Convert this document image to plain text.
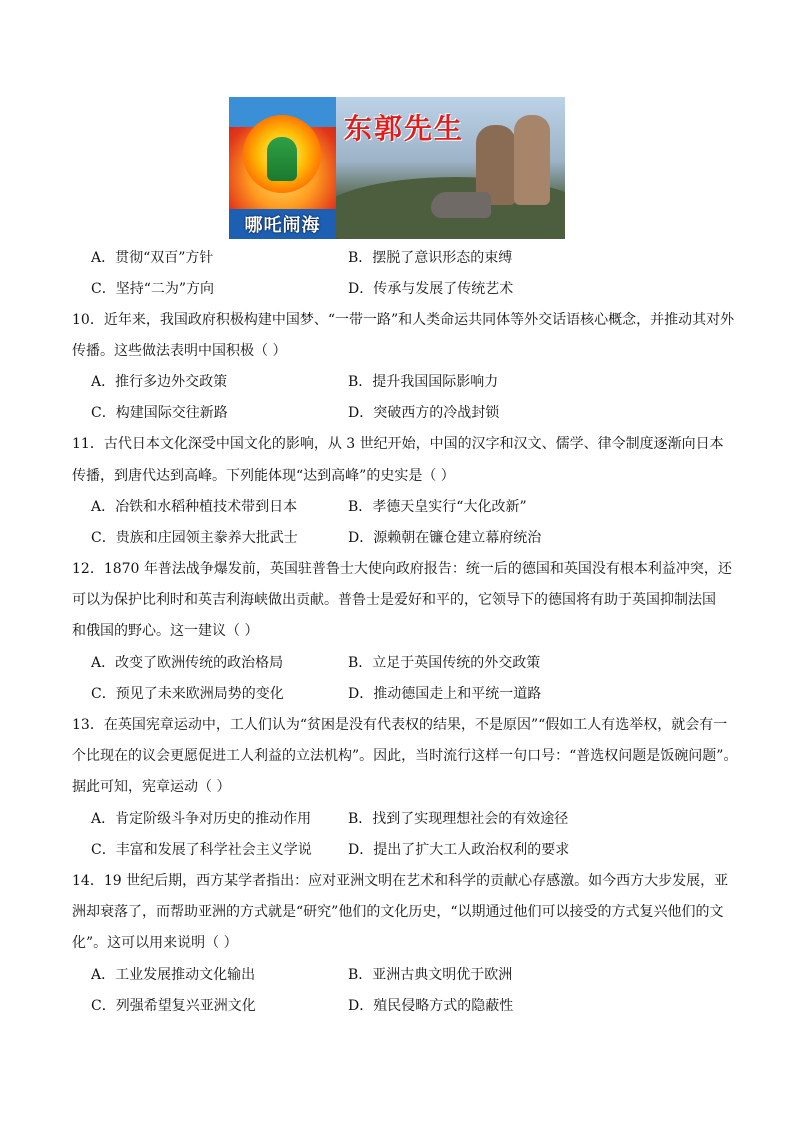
哪吒闹海
东郭先生
A．贯彻“双百”方针	B．摆脱了意识形态的束缚
C．坚持“二为”方向	D．传承与发展了传统艺术
10．近年来，我国政府积极构建中国梦、“一带一路”和人类命运共同体等外交话语核心概念，并推动其对外
传播。这些做法表明中国积极（ ）
A．推行多边外交政策	B．提升我国国际影响力
C．构建国际交往新路	D．突破西方的冷战封锁
11．古代日本文化深受中国文化的影响，从 3 世纪开始，中国的汉字和汉文、儒学、律令制度逐渐向日本
传播，到唐代达到高峰。下列能体现“达到高峰”的史实是（ ）
A．冶铁和水稻种植技术带到日本	B．孝德天皇实行“大化改新”
C．贵族和庄园领主豢养大批武士	D．源赖朝在镰仓建立幕府统治
12．1870 年普法战争爆发前，英国驻普鲁士大使向政府报告：统一后的德国和英国没有根本利益冲突，还
可以为保护比利时和英吉利海峡做出贡献。普鲁士是爱好和平的，它领导下的德国将有助于英国抑制法国
和俄国的野心。这一建议（ ）
A．改变了欧洲传统的政治格局	B．立足于英国传统的外交政策
C．预见了未来欧洲局势的变化	D．推动德国走上和平统一道路
13．在英国宪章运动中，工人们认为“贫困是没有代表权的结果，不是原因”“假如工人有选举权，就会有一
个比现在的议会更愿促进工人利益的立法机构”。因此，当时流行这样一句口号：“普选权问题是饭碗问题”。
据此可知，宪章运动（ ）
A．肯定阶级斗争对历史的推动作用	B．找到了实现理想社会的有效途径
C．丰富和发展了科学社会主义学说	D．提出了扩大工人政治权利的要求
14．19 世纪后期，西方某学者指出：应对亚洲文明在艺术和科学的贡献心存感激。如今西方大步发展，亚
洲却衰落了，而帮助亚洲的方式就是“研究”他们的文化历史，“以期通过他们可以接受的方式复兴他们的文
化”。这可以用来说明（ ）
A．工业发展推动文化输出	B．亚洲古典文明优于欧洲
C．列强希望复兴亚洲文化	D．殖民侵略方式的隐蔽性
